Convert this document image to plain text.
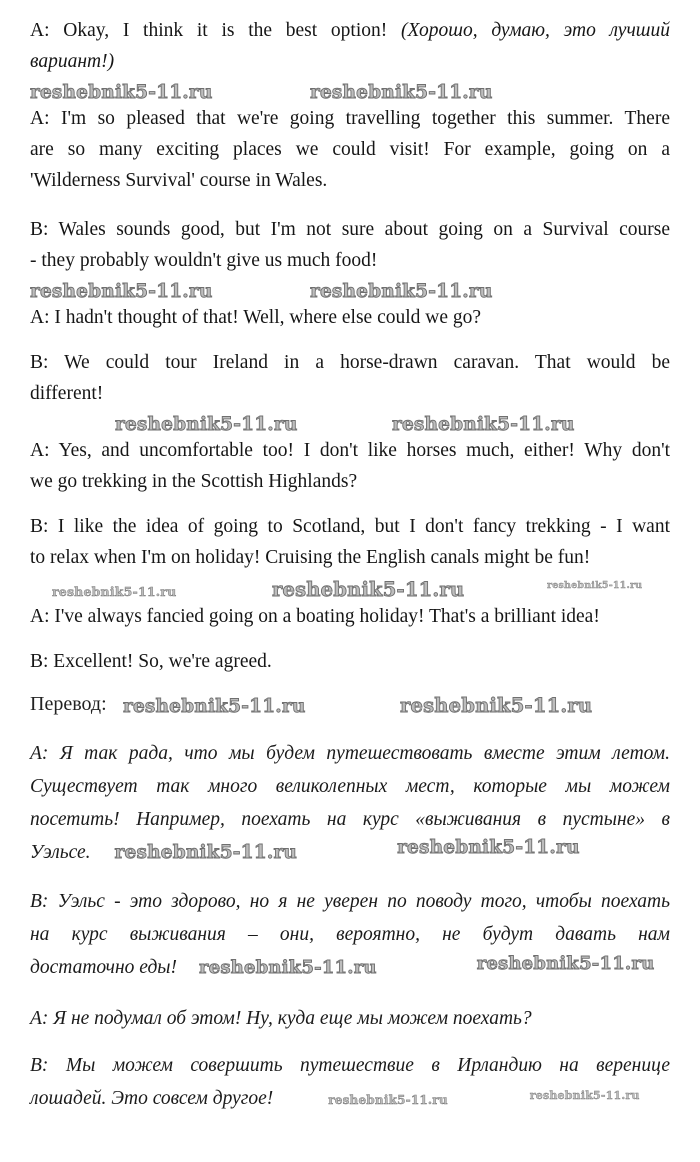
A: Okay, I think it is the best option! (Хорошо, думаю, это лучший
вариант!)
reshebnik5-11.ru	reshebnik5-11.ru
A: I'm so pleased that we're going travelling together this summer. There
are so many exciting places we could visit! For example, going on a
'Wilderness Survival' course in Wales.
B: Wales sounds good, but I'm not sure about going on a Survival course
- they probably wouldn't give us much food!
reshebnik5-11.ru	reshebnik5-11.ru
A: I hadn't thought of that! Well, where else could we go?
B: We could tour Ireland in a horse-drawn caravan. That would be
different!
reshebnik5-11.ru	reshebnik5-11.ru
A: Yes, and uncomfortable too! I don't like horses much, either! Why don't
we go trekking in the Scottish Highlands?
B: I like the idea of going to Scotland, but I don't fancy trekking - I want
to relax when I'm on holiday! Cruising the English canals might be fun!
reshebnik5-11.ru	reshebnik5-11.ru	reshebnik5-11.ru
A: I've always fancied going on a boating holiday! That's a brilliant idea!
B: Excellent! So, we're agreed.
reshebnik5-11.ru
Перевод:	reshebnik5-11.ru
А: Я так рада, что мы будем путешествовать вместе этим летом.
Существует так много великолепных мест, которые мы можем
посетить! Например, поехать на курс «выживания в пустыне» в
Уэльсе. reshebnik5-11.ru	reshebnik5-11.ru
В: Уэльс - это здорово, но я не уверен по поводу того, чтобы поехать
на курс выживания – они, вероятно, не будут давать нам
достаточно еды! reshebnik5-11.ru	reshebnik5-11.ru
А: Я не подумал об этом! Ну, куда еще мы можем поехать?
В: Мы можем совершить путешествие в Ирландию на веренице
лошадей. Это совсем другое!	reshebnik5-11.ru	$^{reshebnik5-11.ru}$
